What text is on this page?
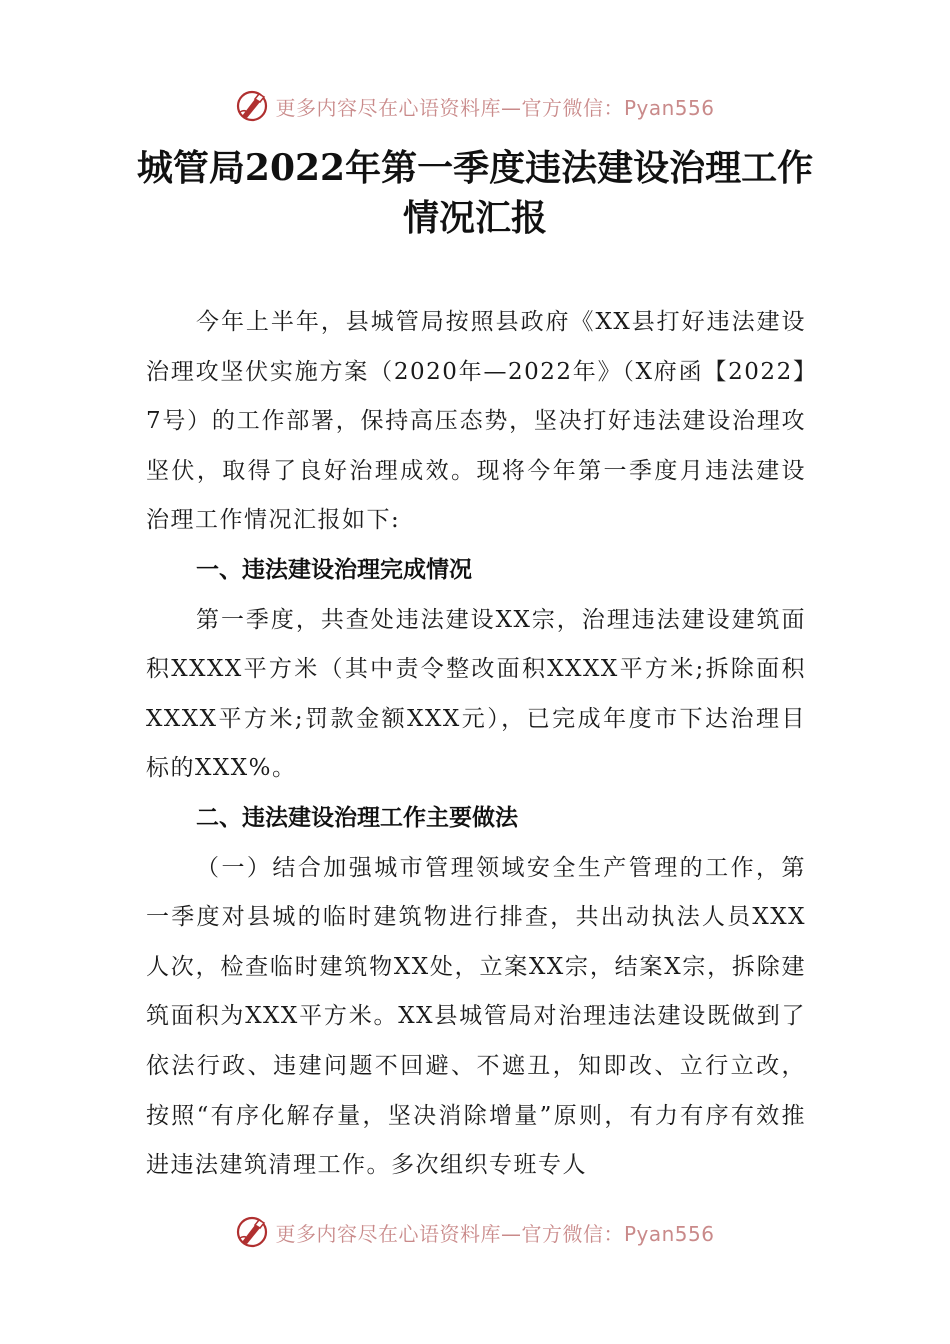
更多内容尽在心语资料库—官方微信：Pyan556
城管局2022年第一季度违法建设治理工作
情况汇报

今年上半年，县城管局按照县政府《XX县打好违法建设治理攻坚伏实施方案（2020年—2022年》（X府函【2022】7号）的工作部署，保持高压态势，坚决打好违法建设治理攻坚伏，取得了良好治理成效。现将今年第一季度月违法建设治理工作情况汇报如下:

一、违法建设治理完成情况

第一季度，共查处违法建设XX宗，治理违法建设建筑面积XXXX平方米（其中责令整改面积XXXX平方米;拆除面积XXXX平方米;罚款金额XXX元），已完成年度市下达治理目标的XXX%。

二、违法建设治理工作主要做法

（一）结合加强城市管理领域安全生产管理的工作，第一季度对县城的临时建筑物进行排查，共出动执法人员XXX人次，检查临时建筑物XX处，立案XX宗，结案X宗，拆除建筑面积为XXX平方米。XX县城管局对治理违法建设既做到了依法行政、违建问题不回避、不遮丑，知即改、立行立改，按照“有序化解存量，坚决消除增量”原则，有力有序有效推进违法建筑清理工作。多次组织专班专人

更多内容尽在心语资料库—官方微信：Pyan556
